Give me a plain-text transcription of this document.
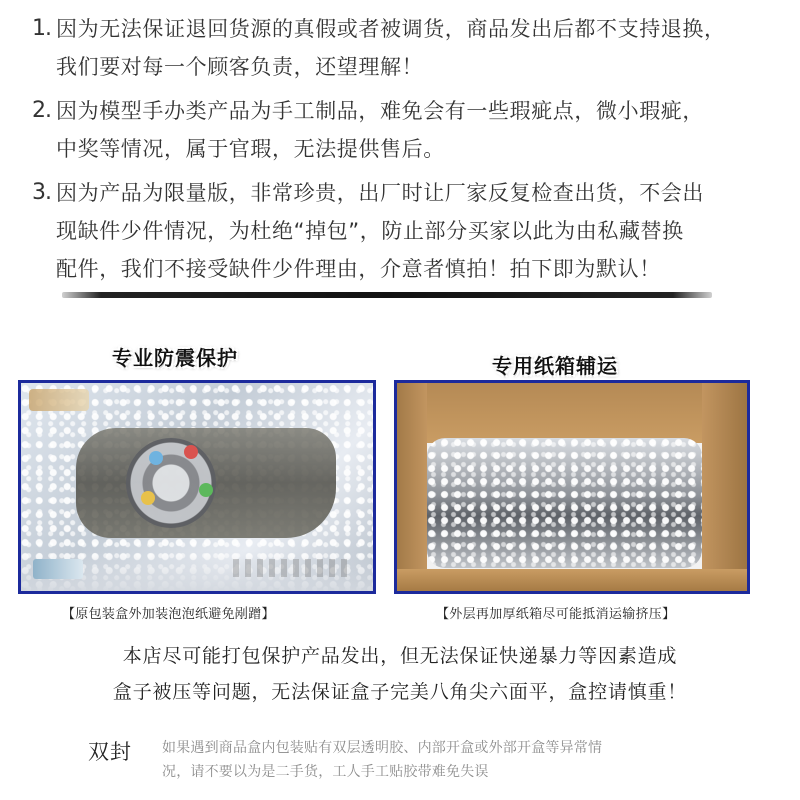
1. 因为无法保证退回货源的真假或者被调货，商品发出后都不支持退换，
我们要对每一个顾客负责，还望理解！
2. 因为模型手办类产品为手工制品，难免会有一些瑕疵点，微小瑕疵，
中奖等情况，属于官瑕，无法提供售后。
3. 因为产品为限量版，非常珍贵，出厂时让厂家反复检查出货，不会出
现缺件少件情况，为杜绝“掉包”，防止部分买家以此为由私藏替换
配件，我们不接受缺件少件理由，介意者慎拍！拍下即为默认！
专业防震保护
【原包装盒外加装泡泡纸避免剐蹭】
专用纸箱辅运
【外层再加厚纸箱尽可能抵消运输挤压】
本店尽可能打包保护产品发出，但无法保证快递暴力等因素造成
盒子被压等问题，无法保证盒子完美八角尖六面平，盒控请慎重！
双封 如果遇到商品盒内包装贴有双层透明胶、内部开盒或外部开盒等异常情
况，请不要以为是二手货，工人手工贴胶带难免失误
